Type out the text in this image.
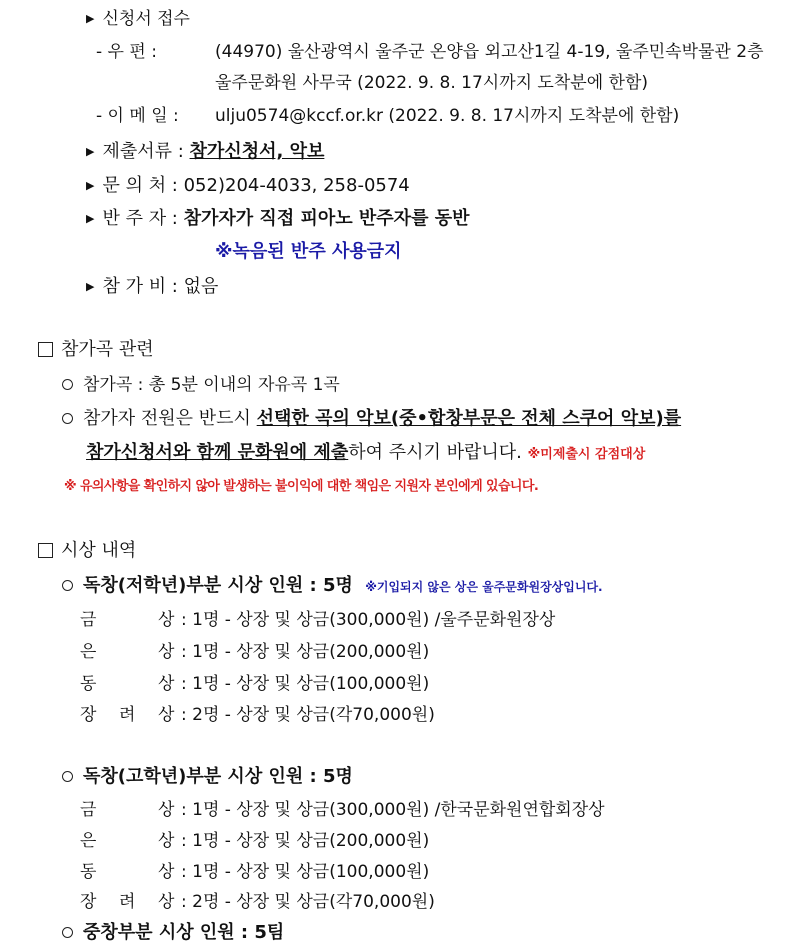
▶ 신청서 접수
- 우 편 :	(44970) 울산광역시 울주군 온양읍 외고산1길 4-19, 울주민속박물관 2층
울주문화원 사무국 (2022. 9. 8. 17시까지 도착분에 한함)
- 이 메 일 : ulju0574@kccf.or.kr (2022. 9. 8. 17시까지 도착분에 한함)
▶ 제출서류 : 참가신청서, 악보
▶ 문 의 처 : 052)204-4033, 258-0574
▶ 반 주 자 : 참가자가 직접 피아노 반주자를 동반
※녹음된 반주 사용금지
▶ 참 가 비 : 없음
참가곡 관련
참가곡 : 총 5분 이내의 자유곡 1곡
참가자 전원은 반드시 선택한 곡의 악보(중•합창부문은 전체 스쿠어 악보)를
참가신청서와 함께 문화원에 제출하여 주시기 바랍니다. ※미제출시 감점대상
※ 유의사항을 확인하지 않아 발생하는 불이익에 대한 책임은 지원자 본인에게 있습니다.
시상 내역
독창(저학년)부분 시상 인원 : 5명 ※기입되지 않은 상은 울주문화원장상입니다.
금	상 : 1명 - 상장 및 상금(300,000원) /울주문화원장상
은	상 : 1명 - 상장 및 상금(200,000원)
동	상 : 1명 - 상장 및 상금(100,000원)
장 려 상 : 2명 - 상장 및 상금(각70,000원)
독창(고학년)부분 시상 인원 : 5명
금	상 : 1명 - 상장 및 상금(300,000원) /한국문화원연합회장상
은	상 : 1명 - 상장 및 상금(200,000원)
동	상 : 1명 - 상장 및 상금(100,000원)
장 려 상 : 2명 - 상장 및 상금(각70,000원)
중창부분 시상 인원 : 5팀
